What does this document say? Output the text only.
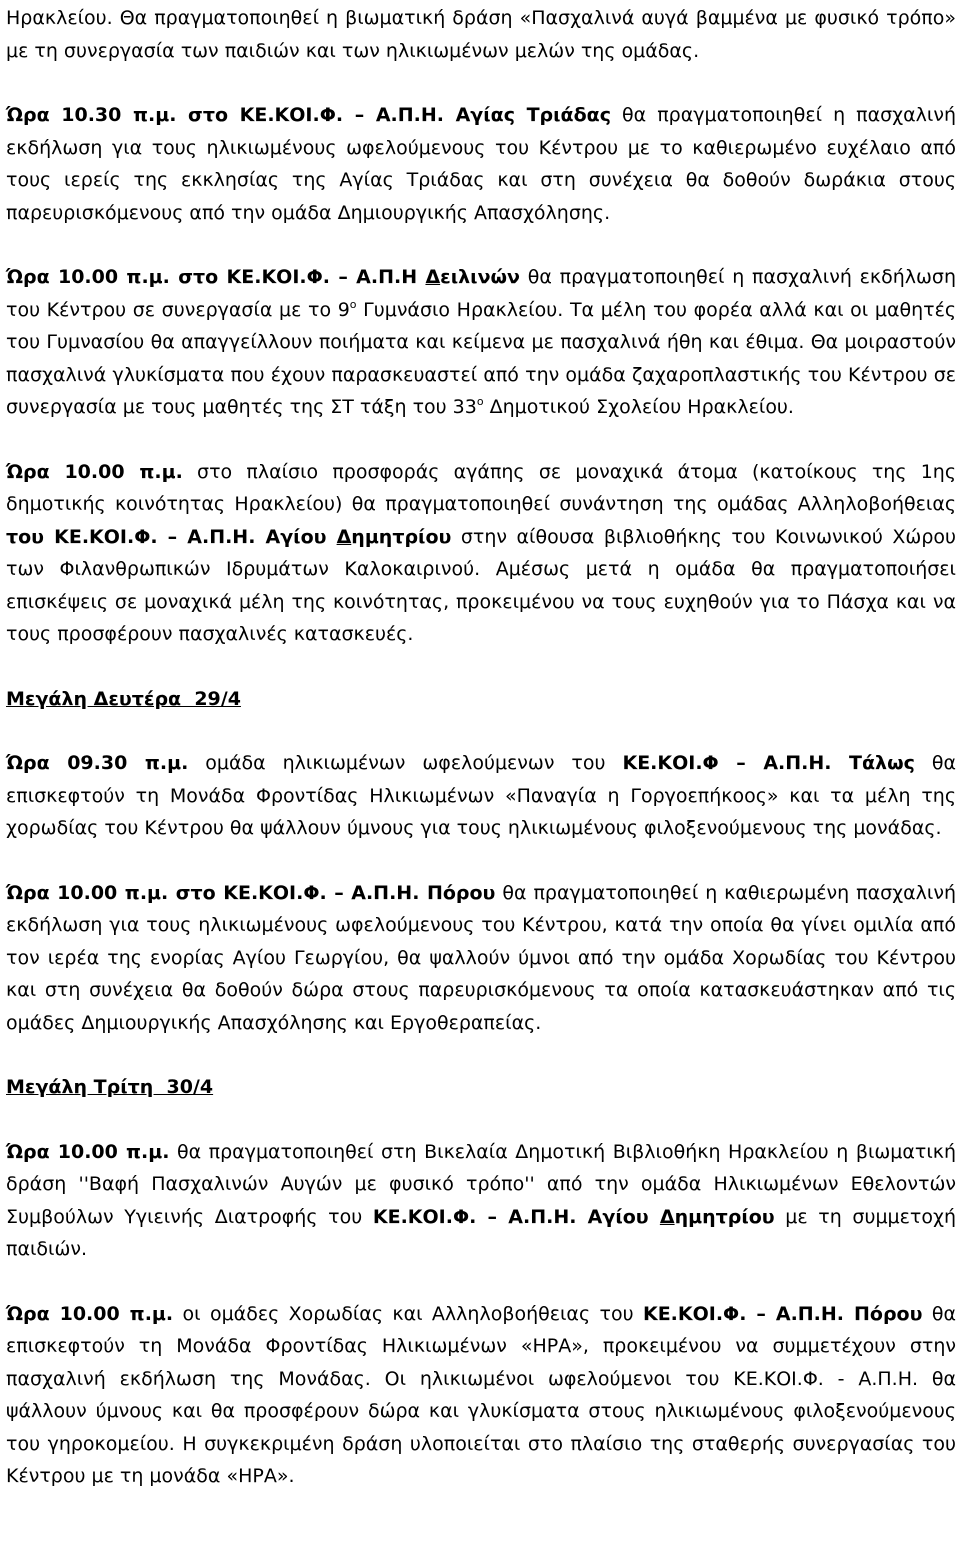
Ηρακλείου. Θα πραγματοποιηθεί η βιωματική δράση «Πασχαλινά αυγά βαμμένα με φυσικό τρόπο» με τη συνεργασία των παιδιών και των ηλικιωμένων μελών της ομάδας.

Ώρα 10.30 π.μ. στο ΚΕ.ΚΟΙ.Φ. – Α.Π.Η. Αγίας Τριάδας θα πραγματοποιηθεί η πασχαλινή εκδήλωση για τους ηλικιωμένους ωφελούμενους του Κέντρου με το καθιερωμένο ευχέλαιο από τους ιερείς της εκκλησίας της Αγίας Τριάδας και στη συνέχεια θα δοθούν δωράκια στους παρευρισκόμενους από την ομάδα Δημιουργικής Απασχόλησης.

Ώρα 10.00 π.μ. στο ΚΕ.ΚΟΙ.Φ. – Α.Π.Η Δειλινών θα πραγματοποιηθεί η πασχαλινή εκδήλωση του Κέντρου σε συνεργασία με το $9^o$ Γυμνάσιο Ηρακλείου. Τα μέλη του φορέα αλλά και οι μαθητές του Γυμνασίου θα απαγγείλλουν ποιήματα και κείμενα με πασχαλινά ήθη και έθιμα. Θα μοιραστούν πασχαλινά γλυκίσματα που έχουν παρασκευαστεί από την ομάδα ζαχαροπλαστικής του Κέντρου σε συνεργασία με τους μαθητές της ΣΤ τάξη του $33^o$ Δημοτικού Σχολείου Ηρακλείου.

Ώρα 10.00 π.μ. στο πλαίσιο προσφοράς αγάπης σε μοναχικά άτομα (κατοίκους της 1ης δημοτικής κοινότητας Ηρακλείου) θα πραγματοποιηθεί συνάντηση της ομάδας Αλληλοβοήθειας του ΚΕ.ΚΟΙ.Φ. – Α.Π.Η. Αγίου Δημητρίου στην αίθουσα βιβλιοθήκης του Κοινωνικού Χώρου των Φιλανθρωπικών Ιδρυμάτων Καλοκαιρινού. Αμέσως μετά η ομάδα θα πραγματοποιήσει επισκέψεις σε μοναχικά μέλη της κοινότητας, προκειμένου να τους ευχηθούν για το Πάσχα και να τους προσφέρουν πασχαλινές κατασκευές.

Μεγάλη Δευτέρα  29/4

Ώρα 09.30 π.μ. ομάδα ηλικιωμένων ωφελούμενων του ΚΕ.ΚΟΙ.Φ – Α.Π.Η. Τάλως θα επισκεφτούν τη Μονάδα Φροντίδας Ηλικιωμένων «Παναγία η Γοργοεπήκοος» και τα μέλη της χορωδίας του Κέντρου θα ψάλλουν ύμνους για τους ηλικιωμένους φιλοξενούμενους της μονάδας.

Ώρα 10.00 π.μ. στο ΚΕ.ΚΟΙ.Φ. – Α.Π.Η. Πόρου θα πραγματοποιηθεί η καθιερωμένη πασχαλινή εκδήλωση για τους ηλικιωμένους ωφελούμενους του Κέντρου, κατά την οποία θα γίνει ομιλία από τον ιερέα της ενορίας Αγίου Γεωργίου, θα ψαλλούν ύμνοι από την ομάδα Χορωδίας του Κέντρου και στη συνέχεια θα δοθούν δώρα στους παρευρισκόμενους τα οποία κατασκευάστηκαν από τις ομάδες Δημιουργικής Απασχόλησης και Εργοθεραπείας.

Μεγάλη Τρίτη  30/4

Ώρα 10.00 π.μ. θα πραγματοποιηθεί στη Βικελαία Δημοτική Βιβλιοθήκη Ηρακλείου η βιωματική δράση ''Βαφή Πασχαλινών Αυγών με φυσικό τρόπο'' από την ομάδα Ηλικιωμένων Εθελοντών Συμβούλων Υγιεινής Διατροφής του ΚΕ.ΚΟΙ.Φ. – Α.Π.Η. Αγίου Δημητρίου με τη συμμετοχή παιδιών.

Ώρα 10.00 π.μ. οι ομάδες Χορωδίας και Αλληλοβοήθειας του ΚΕ.ΚΟΙ.Φ. – Α.Π.Η. Πόρου θα επισκεφτούν τη Μονάδα Φροντίδας Ηλικιωμένων «ΗΡΑ», προκειμένου να συμμετέχουν στην πασχαλινή εκδήλωση της Μονάδας. Οι ηλικιωμένοι ωφελούμενοι του ΚΕ.ΚΟΙ.Φ. - Α.Π.Η. θα ψάλλουν ύμνους και θα προσφέρουν δώρα και γλυκίσματα στους ηλικιωμένους φιλοξενούμενους του γηροκομείου. Η συγκεκριμένη δράση υλοποιείται στο πλαίσιο της σταθερής συνεργασίας του Κέντρου με τη μονάδα «ΗΡΑ».
